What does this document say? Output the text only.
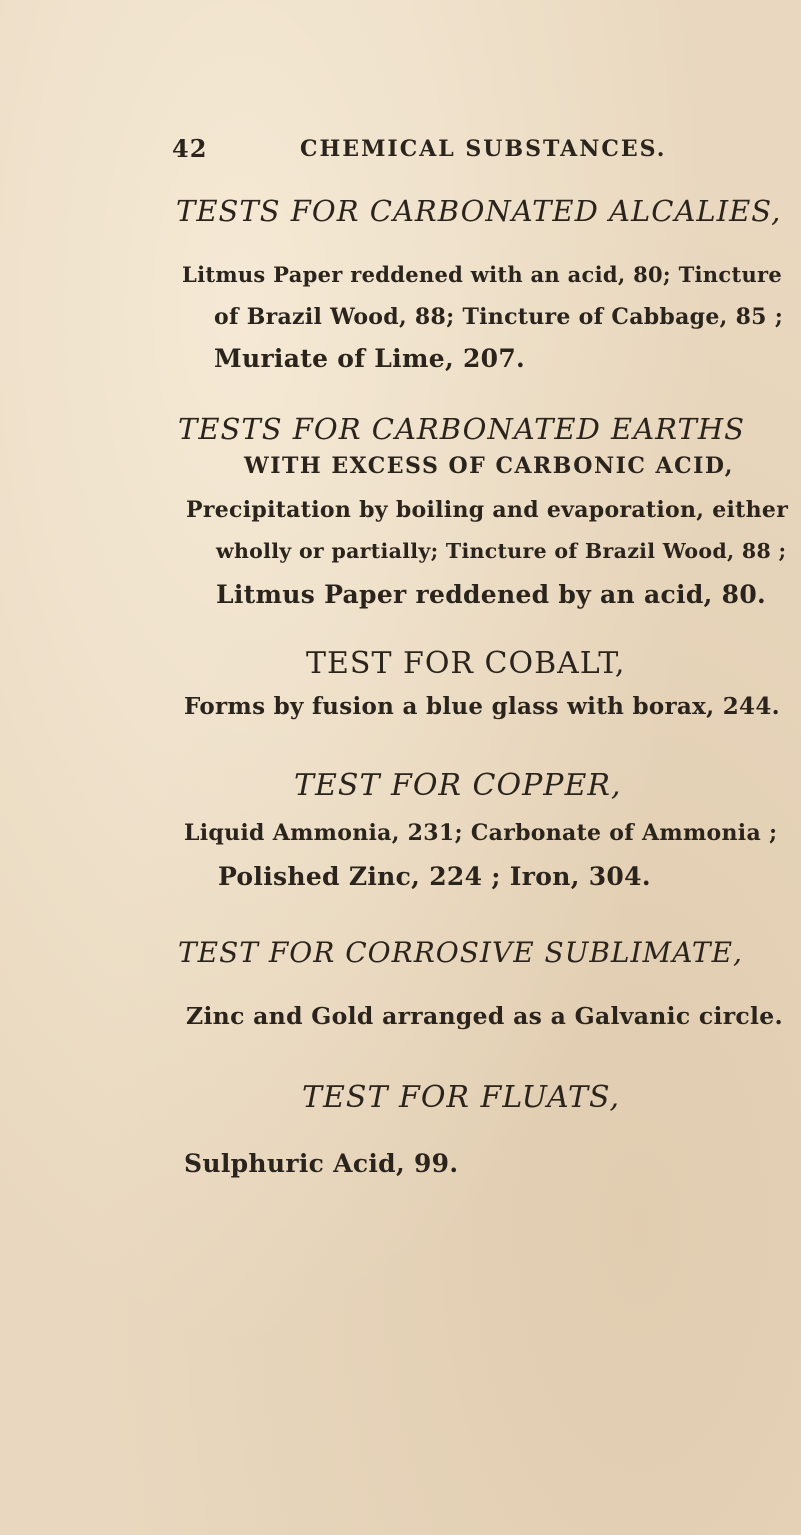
42	CHEMICAL SUBSTANCES.
TESTS FOR CARBONATED ALCALIES,
Litmus Paper reddened with an acid, 80; Tincture
of Brazil Wood, 88; Tincture of Cabbage, 85 ;
Muriate of Lime, 207.
TESTS FOR CARBONATED EARTHS
WITH EXCESS OF CARBONIC ACID,
Precipitation by boiling and evaporation, either
wholly or partially; Tincture of Brazil Wood, 88 ;
Litmus Paper reddened by an acid, 80.
TEST FOR COBALT,
Forms by fusion a blue glass with borax, 244.
TEST FOR COPPER,
Liquid Ammonia, 231; Carbonate of Ammonia ;
Polished Zinc, 224 ; Iron, 304.
TEST FOR CORROSIVE SUBLIMATE,
Zinc and Gold arranged as a Galvanic circle.
TEST FOR FLUATS,
Sulphuric Acid, 99.
